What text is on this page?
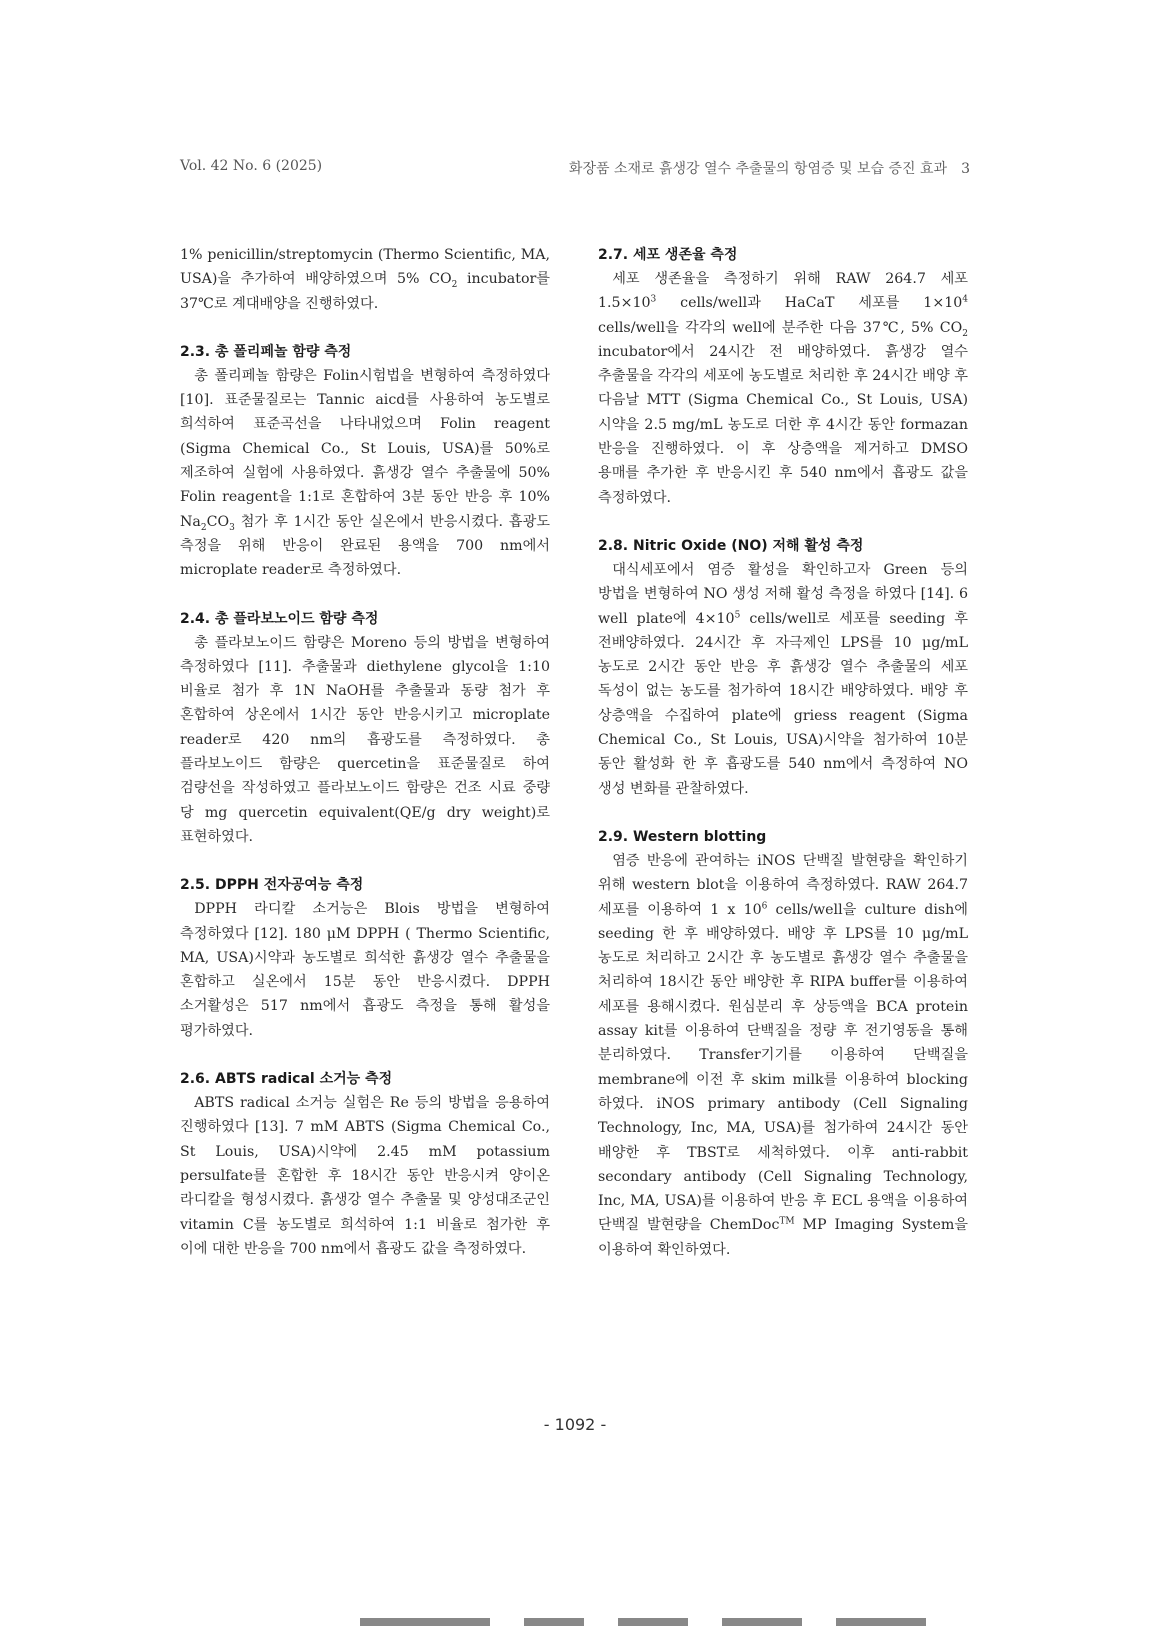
Vol. 42 No. 6 (2025)	화장품 소재로 흙생강 열수 추출물의 항염증 및 보습 증진 효과 3

1% penicillin/streptomycin (Thermo Scientific, MA, USA)을 추가하여 배양하였으며 5% $CO_2$ incubator를 37℃로 계대배양을 진행하였다.

2.3. 총 폴리페놀 함량 측정

총 폴리페놀 함량은 Folin시험법을 변형하여 측정하였다 [10]. 표준물질로는 Tannic aicd를 사용하여 농도별로 희석하여 표준곡선을 나타내었으며 Folin reagent (Sigma Chemical Co., St Louis, USA)를 50%로 제조하여 실험에 사용하였다. 흙생강 열수 추출물에 50% Folin reagent을 1:1로 혼합하여 3분 동안 반응 후 10% $Na_2CO_3$ 첨가 후 1시간 동안 실온에서 반응시켰다. 흡광도 측정을 위해 반응이 완료된 용액을 700 nm에서 microplate reader로 측정하였다.

2.4. 총 플라보노이드 함량 측정

총 플라보노이드 함량은 Moreno 등의 방법을 변형하여 측정하였다 [11]. 추출물과 diethylene glycol을 1:10 비율로 첨가 후 1N NaOH를 추출물과 동량 첨가 후 혼합하여 상온에서 1시간 동안 반응시키고 microplate reader로 420 nm의 흡광도를 측정하였다. 총 플라보노이드 함량은 quercetin을 표준물질로 하여 검량선을 작성하였고 플라보노이드 함량은 건조 시료 중량 당 mg quercetin equivalent(QE/g dry weight)로 표현하였다.

2.5. DPPH 전자공여능 측정

DPPH 라디칼 소거능은 Blois 방법을 변형하여 측정하였다 [12]. 180 μM DPPH ( Thermo Scientific, MA, USA)시약과 농도별로 희석한 흙생강 열수 추출물을 혼합하고 실온에서 15분 동안 반응시켰다. DPPH 소거활성은 517 nm에서 흡광도 측정을 통해 활성을 평가하였다.

2.6. ABTS radical 소거능 측정

ABTS radical 소거능 실험은 Re 등의 방법을 응용하여 진행하였다 [13]. 7 mM ABTS (Sigma Chemical Co., St Louis, USA)시약에 2.45 mM potassium persulfate를 혼합한 후 18시간 동안 반응시켜 양이온 라디칼을 형성시켰다. 흙생강 열수 추출물 및 양성대조군인 vitamin C를 농도별로 희석하여 1:1 비율로 첨가한 후 이에 대한 반응을 700 nm에서 흡광도 값을 측정하였다.

2.7. 세포 생존율 측정

세포 생존율을 측정하기 위해 RAW 264.7 세포 $1.5\times 10^3$ cells/well과 HaCaT 세포를 $1\times 10^4$ cells/well을 각각의 well에 분주한 다음 37℃, 5% $CO_2$ incubator에서 24시간 전 배양하였다. 흙생강 열수 추출물을 각각의 세포에 농도별로 처리한 후 24시간 배양 후 다음날 MTT (Sigma Chemical Co., St Louis, USA)시약을 2.5 mg/mL 농도로 더한 후 4시간 동안 formazan 반응을 진행하였다. 이 후 상층액을 제거하고 DMSO 용매를 추가한 후 반응시킨 후 540 nm에서 흡광도 값을 측정하였다.

2.8. Nitric Oxide (NO) 저해 활성 측정

대식세포에서 염증 활성을 확인하고자 Green 등의 방법을 변형하여 NO 생성 저해 활성 측정을 하였다 [14]. 6 well plate에 $4\times 10^5$ cells/well로 세포를 seeding 후 전배양하였다. 24시간 후 자극제인 LPS를 10 μg/mL 농도로 2시간 동안 반응 후 흙생강 열수 추출물의 세포 독성이 없는 농도를 첨가하여 18시간 배양하였다. 배양 후 상층액을 수집하여 plate에 griess reagent (Sigma Chemical Co., St Louis, USA)시약을 첨가하여 10분 동안 활성화 한 후 흡광도를 540 nm에서 측정하여 NO 생성 변화를 관찰하였다.

2.9. Western blotting

염증 반응에 관여하는 iNOS 단백질 발현량을 확인하기 위해 western blot을 이용하여 측정하였다. RAW 264.7 세포를 이용하여 1 x $10^6$ cells/well을 culture dish에 seeding 한 후 배양하였다. 배양 후 LPS를 10 μg/mL 농도로 처리하고 2시간 후 농도별로 흙생강 열수 추출물을 처리하여 18시간 동안 배양한 후 RIPA buffer를 이용하여 세포를 용해시켰다. 원심분리 후 상등액을 BCA protein assay kit를 이용하여 단백질을 정량 후 전기영동을 통해 분리하였다. Transfer기기를 이용하여 단백질을 membrane에 이전 후 skim milk를 이용하여 blocking 하였다. iNOS primary antibody (Cell Signaling Technology, Inc, MA, USA)를 첨가하여 24시간 동안 배양한 후 TBST로 세척하였다. 이후 anti-rabbit secondary antibody (Cell Signaling Technology, Inc, MA, USA)를 이용하여 반응 후 ECL 용액을 이용하여 단백질 발현량을 ChemDoc™ MP Imaging System을 이용하여 확인하였다.

- 1092 -
